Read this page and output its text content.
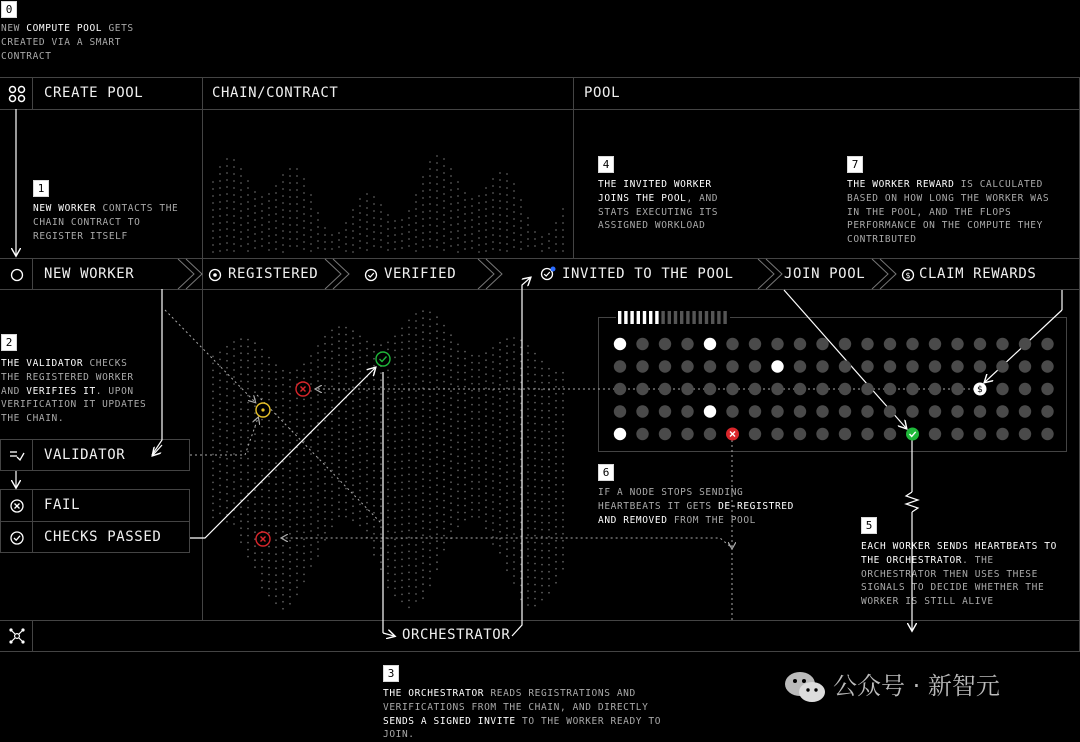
0
NEW COMPUTE POOL GETS CREATED VIA A SMART CONTRACT
CREATE POOL	CHAIN/CONTRACT	POOL
NEW WORKER	REGISTERED	VERIFIED	INVITED TO THE POOL	JOIN POOL	$ CLAIM REWARDS
VALIDATOR
FAIL
CHECKS PASSED
ORCHESTRATOR
1
NEW WORKER CONTACTS THE CHAIN CONTRACT TO REGISTER ITSELF
2
THE VALIDATOR CHECKS THE REGISTERED WORKER AND VERIFIES IT. UPON VERIFICATION IT UPDATES THE CHAIN.
3
THE ORCHESTRATOR READS REGISTRATIONS AND VERIFICATIONS FROM THE CHAIN, AND DIRECTLY SENDS A SIGNED INVITE TO THE WORKER READY TO JOIN.
4
THE INVITED WORKER JOINS THE POOL, AND STATS EXECUTING ITS ASSIGNED WORKLOAD
5
EACH WORKER SENDS HEARTBEATS TO THE ORCHESTRATOR. THE ORCHESTRATOR THEN USES THESE SIGNALS TO DECIDE WHETHER THE WORKER IS STILL ALIVE
6
IF A NODE STOPS SENDING HEARTBEATS IT GETS DE-REGISTRED AND REMOVED FROM THE POOL
7
THE WORKER REWARD IS CALCULATED BASED ON HOW LONG THE WORKER WAS IN THE POOL, AND THE FLOPS PERFORMANCE ON THE COMPUTE THEY CONTRIBUTED
$
公众号 · 新智元
